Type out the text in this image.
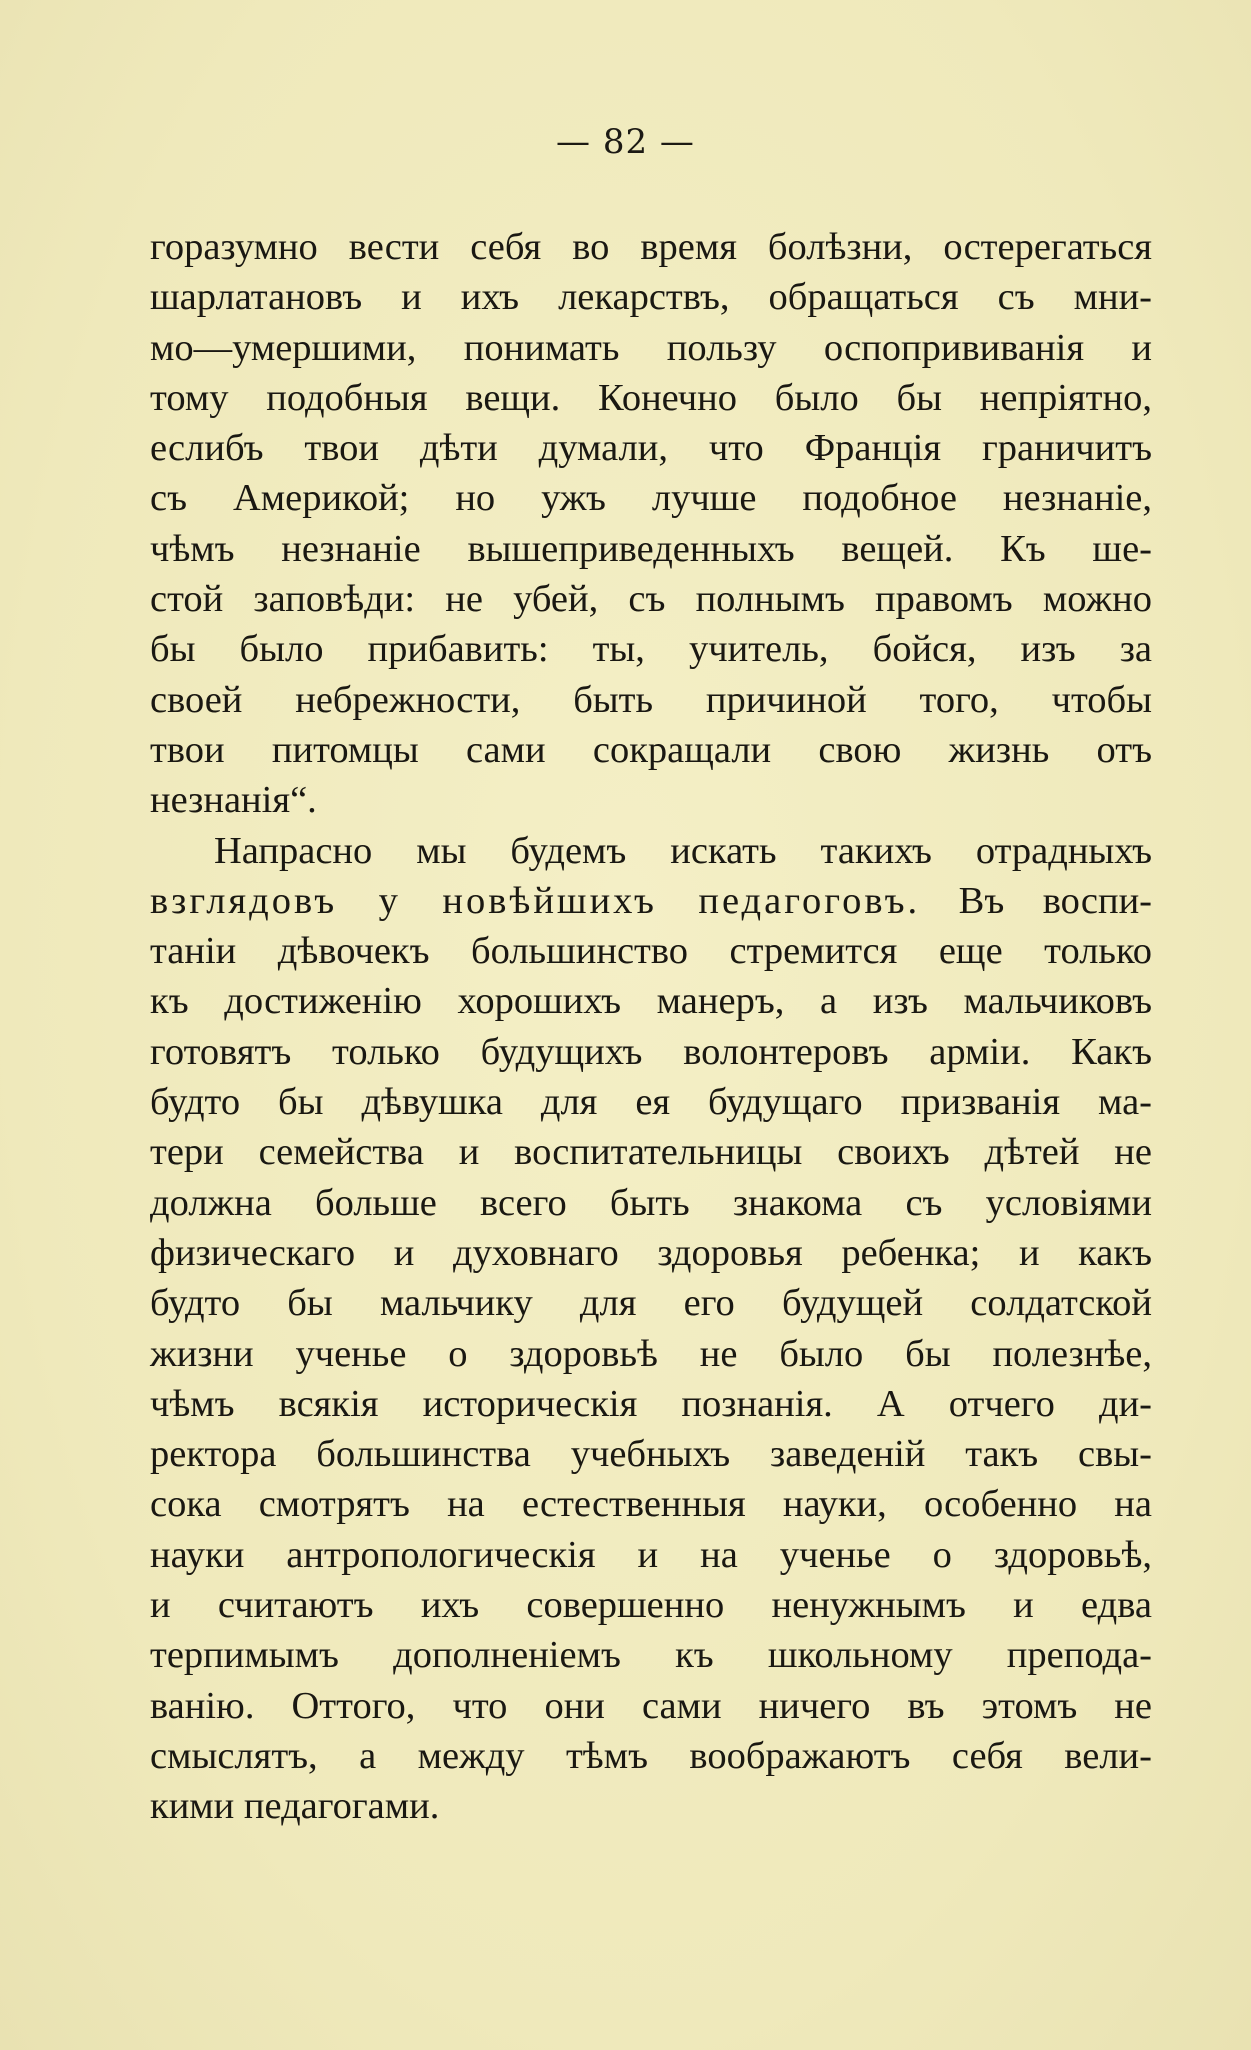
— 82 —
горазумно вести себя во время болѣзни, остерегаться
шарлатановъ и ихъ лекарствъ, обращаться съ мни-
мо—умершими, понимать пользу оспопрививанія и
тому подобныя вещи. Конечно было бы непріятно,
еслибъ твои дѣти думали, что Франція граничитъ
съ Америкой; но ужъ лучше подобное незнаніе,
чѣмъ незнаніе вышеприведенныхъ вещей. Къ ше-
стой заповѣди: не убей, съ полнымъ правомъ можно
бы было прибавить: ты, учитель, бойся, изъ за
своей небрежности, быть причиной того, чтобы
твои питомцы сами сокращали свою жизнь отъ
незнанія“.
Напрасно мы будемъ искать такихъ отрадныхъ
взглядовъ у новѣйшихъ педагоговъ. Въ воспи-
таніи дѣвочекъ большинство стремится еще только
къ достиженію хорошихъ манеръ, а изъ мальчиковъ
готовятъ только будущихъ волонтеровъ арміи. Какъ
будто бы дѣвушка для ея будущаго призванія ма-
тери семейства и воспитательницы своихъ дѣтей не
должна больше всего быть знакома съ условіями
физическаго и духовнаго здоровья ребенка; и какъ
будто бы мальчику для его будущей солдатской
жизни ученье о здоровьѣ не было бы полезнѣе,
чѣмъ всякія историческія познанія. А отчего ди-
ректора большинства учебныхъ заведеній такъ свы-
сока смотрятъ на естественныя науки, особенно на
науки антропологическія и на ученье о здоровьѣ,
и считаютъ ихъ совершенно ненужнымъ и едва
терпимымъ дополненіемъ къ школьному препода-
ванію. Оттого, что они сами ничего въ этомъ не
смыслятъ, а между тѣмъ воображаютъ себя вели-
кими педагогами.
